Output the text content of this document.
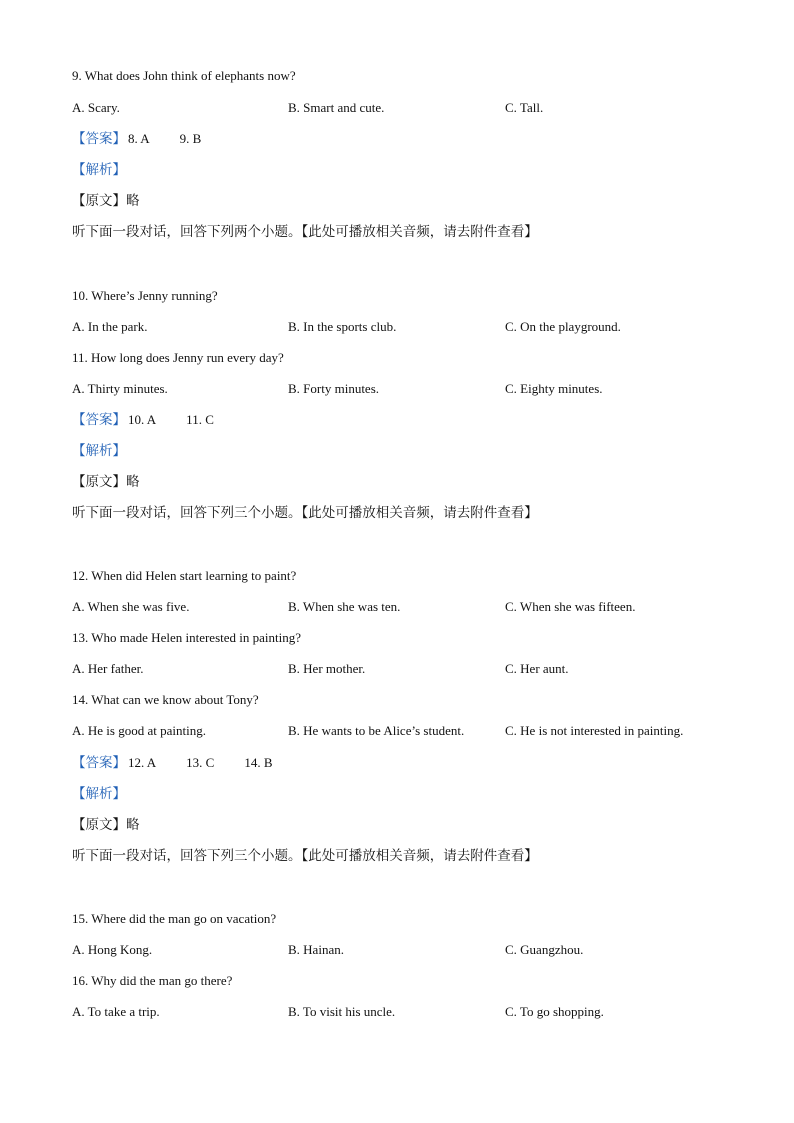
9. What does John think of elephants now?
A. Scary.	B. Smart and cute.	C. Tall.
【答案】 8. A 9. B
【解析】
【原文】略
听下面一段对话，回答下列两个小题。【此处可播放相关音频，请去附件查看】
10. Where’s Jenny running?
A. In the park.	B. In the sports club.	C. On the playground.
11. How long does Jenny run every day?
A. Thirty minutes.	B. Forty minutes.	C. Eighty minutes.
【答案】 10. A 11. C
【解析】
【原文】略
听下面一段对话，回答下列三个小题。【此处可播放相关音频，请去附件查看】
12. When did Helen start learning to paint?
A. When she was five.	B. When she was ten.	C. When she was fifteen.
13. Who made Helen interested in painting?
A. Her father.	B. Her mother.	C. Her aunt.
14. What can we know about Tony?
A. He is good at painting.	B. He wants to be Alice’s student.	C. He is not interested in painting.
【答案】 12. A 13. C 14. B
【解析】
【原文】略
听下面一段对话，回答下列三个小题。【此处可播放相关音频，请去附件查看】
15. Where did the man go on vacation?
A. Hong Kong.	B. Hainan.	C. Guangzhou.
16. Why did the man go there?
A. To take a trip.	B. To visit his uncle.	C. To go shopping.
